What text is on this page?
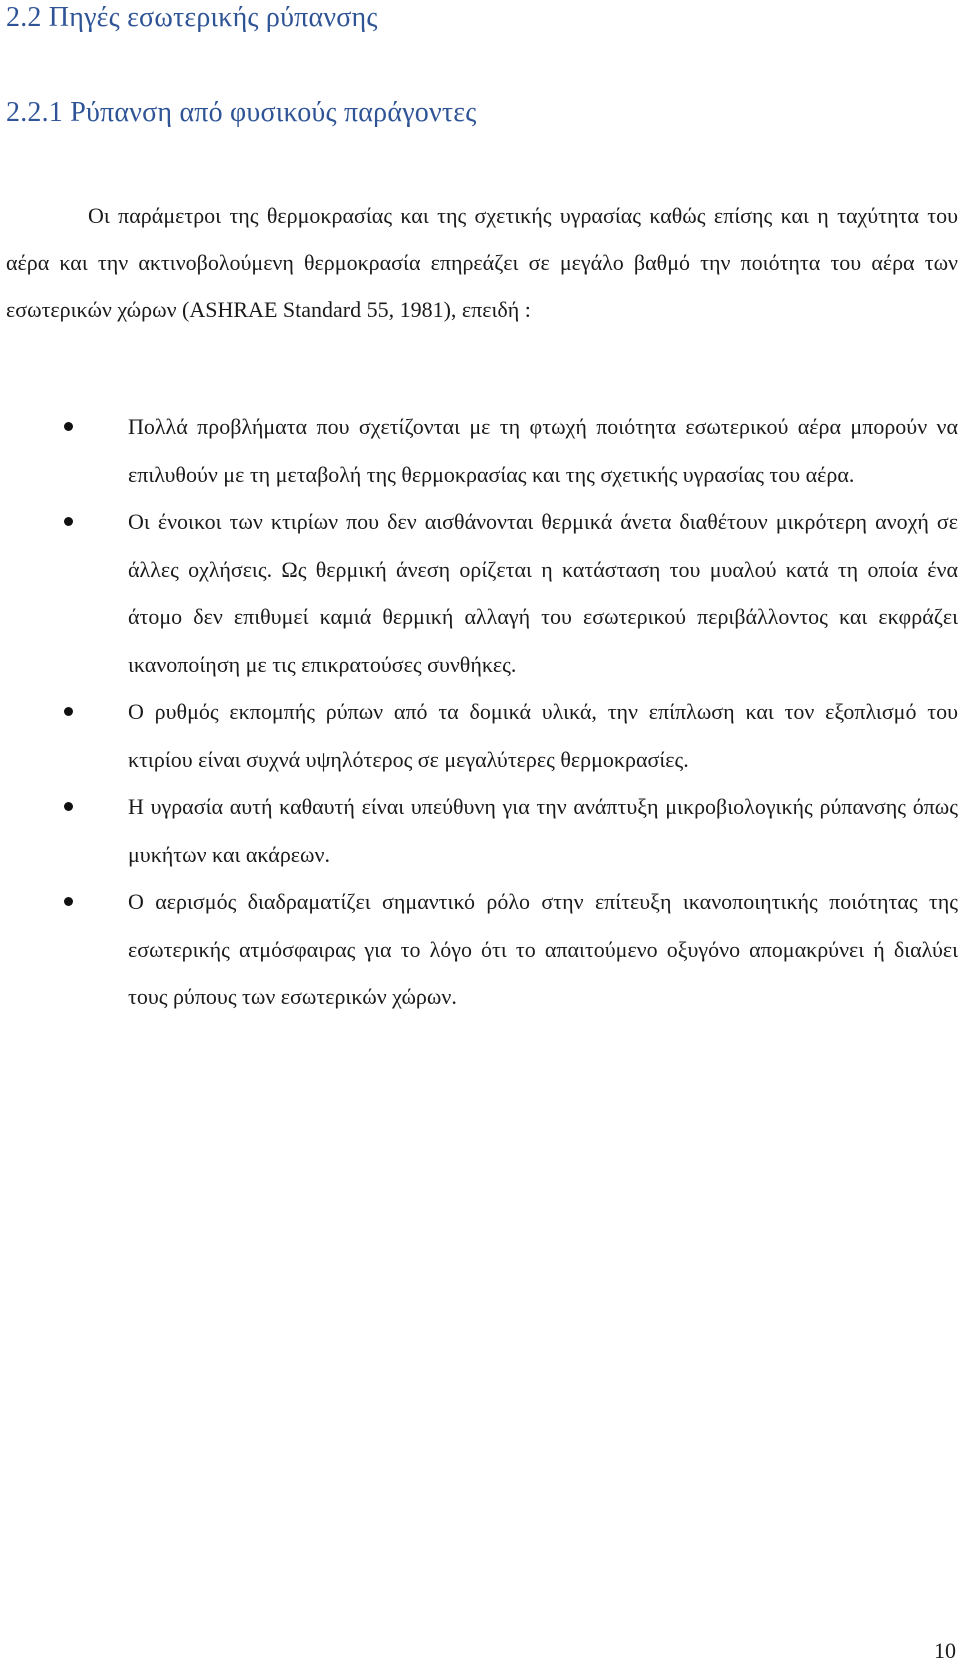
2.2 Πηγές εσωτερικής ρύπανσης
2.2.1 Ρύπανση από φυσικούς παράγοντες

Οι παράμετροι της θερμοκρασίας και της σχετικής υγρασίας καθώς επίσης και η ταχύτητα του αέρα και την ακτινοβολούμενη θερμοκρασία επηρεάζει σε μεγάλο βαθμό την ποιότητα του αέρα των εσωτερικών χώρων (ASHRAE Standard 55, 1981), επειδή :

Πολλά προβλήματα που σχετίζονται με τη φτωχή ποιότητα εσωτερικού αέρα μπορούν να επιλυθούν με τη μεταβολή της θερμοκρασίας και της σχετικής υγρασίας του αέρα.
Οι ένοικοι των κτιρίων που δεν αισθάνονται θερμικά άνετα διαθέτουν μικρότερη ανοχή σε άλλες οχλήσεις. Ως θερμική άνεση ορίζεται η κατάσταση του μυαλού κατά τη οποία ένα άτομο δεν επιθυμεί καμιά θερμική αλλαγή του εσωτερικού περιβάλλοντος και εκφράζει ικανοποίηση με τις επικρατούσες συνθήκες.
Ο ρυθμός εκπομπής ρύπων από τα δομικά υλικά, την επίπλωση και τον εξοπλισμό του κτιρίου είναι συχνά υψηλότερος σε μεγαλύτερες θερμοκρασίες.
Η υγρασία αυτή καθαυτή είναι υπεύθυνη για την ανάπτυξη μικροβιολογικής ρύπανσης όπως μυκήτων και ακάρεων.
Ο αερισμός διαδραματίζει σημαντικό ρόλο στην επίτευξη ικανοποιητικής ποιότητας της εσωτερικής ατμόσφαιρας για το λόγο ότι το απαιτούμενο οξυγόνο απομακρύνει ή διαλύει τους ρύπους των εσωτερικών χώρων.
10
